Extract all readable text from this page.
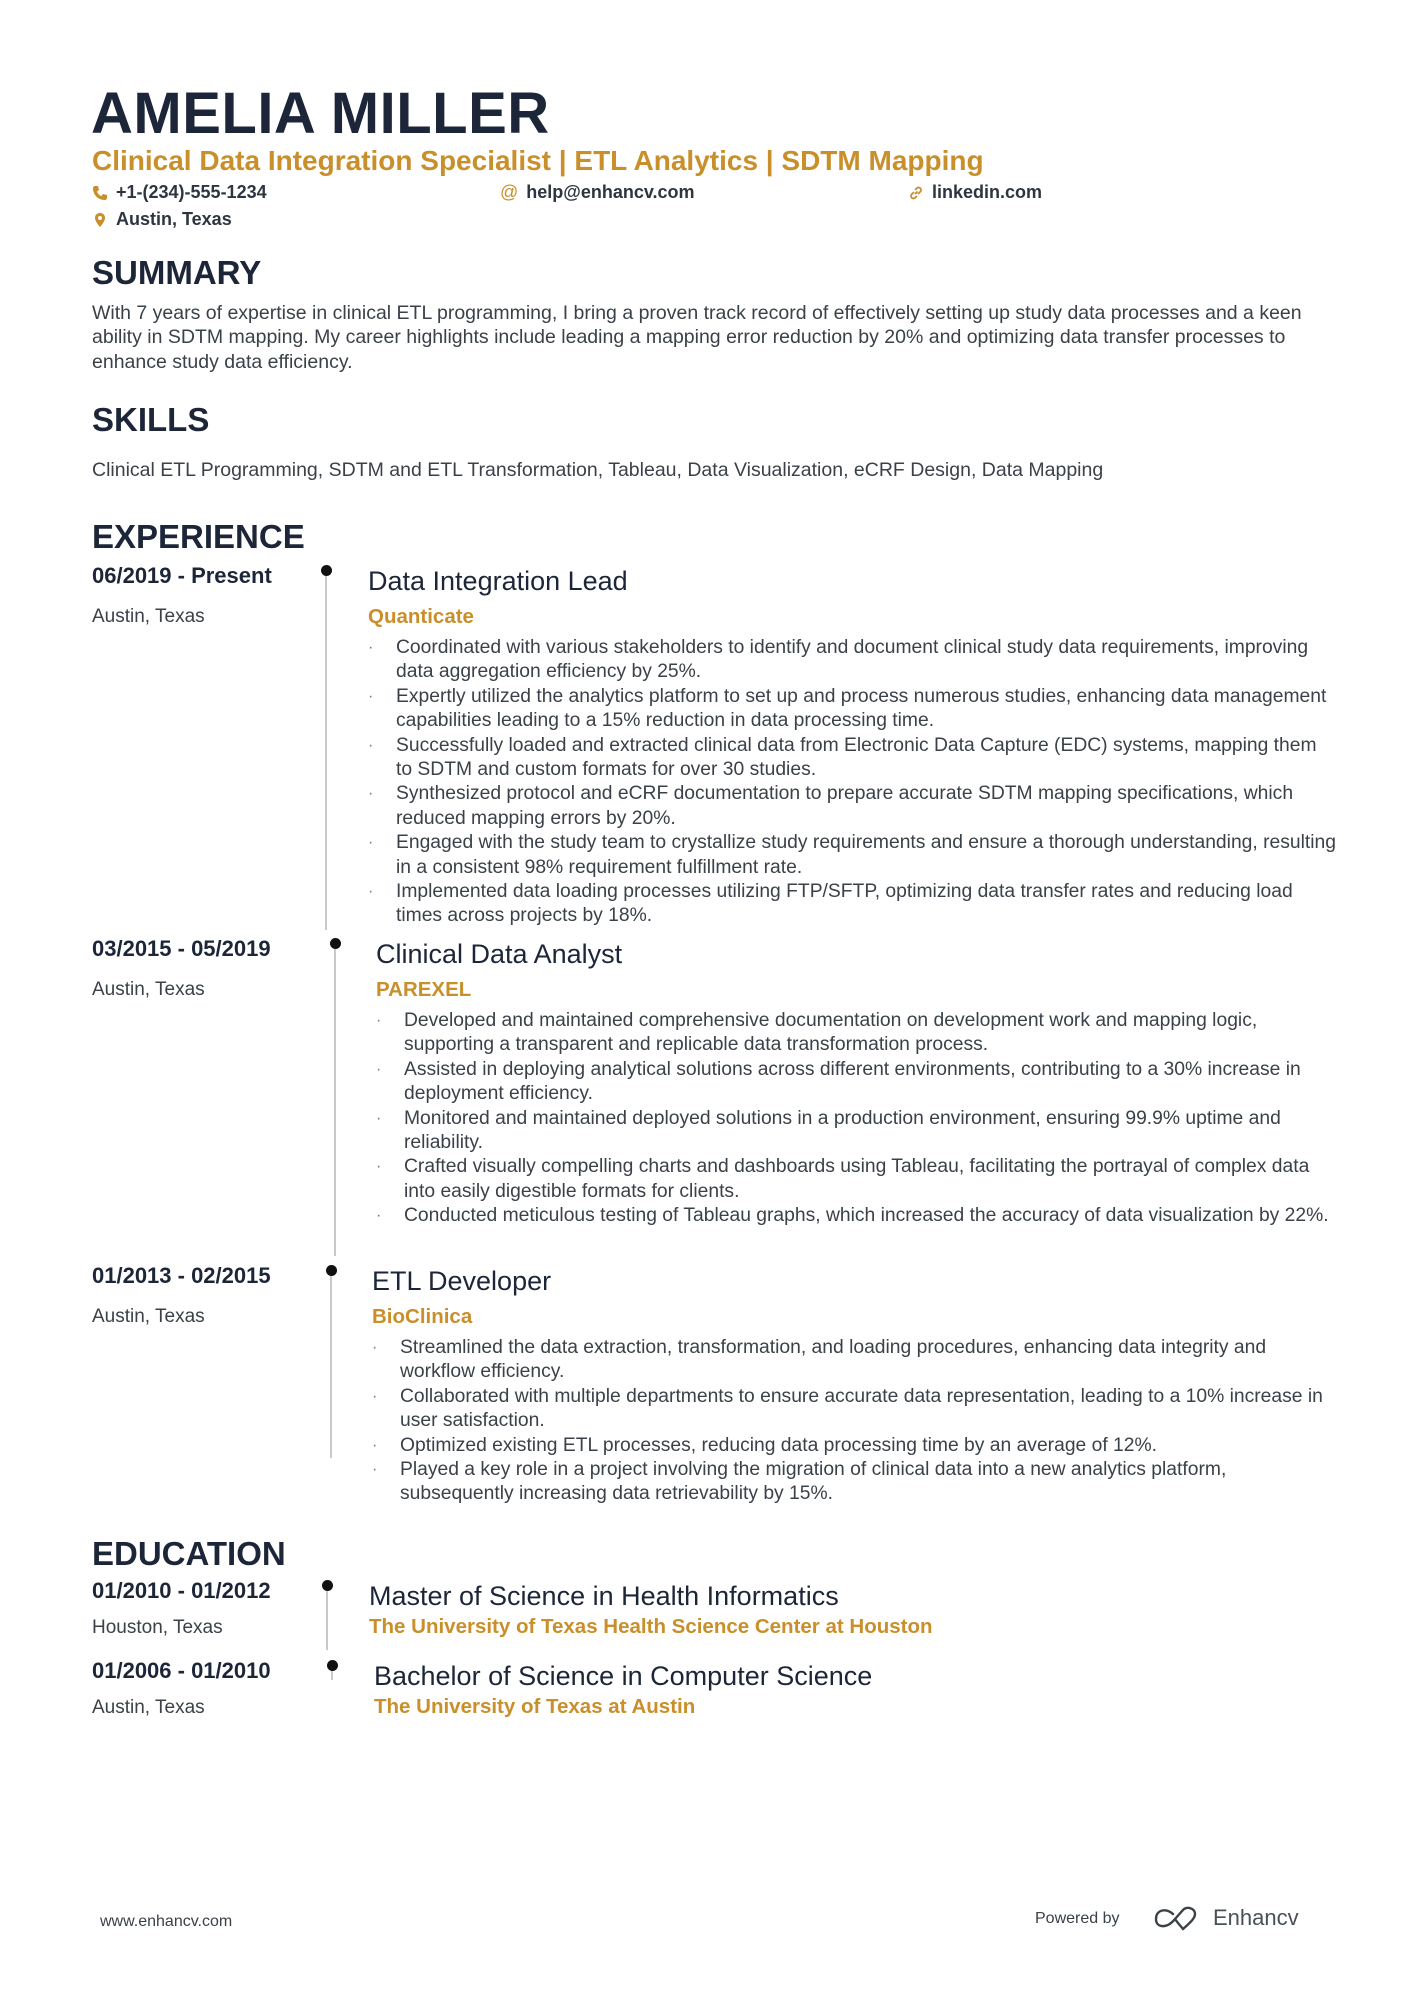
AMELIA MILLER
Clinical Data Integration Specialist | ETL Analytics | SDTM Mapping
+1-(234)-555-1234	@ help@enhancv.com	linkedin.com
Austin, Texas
SUMMARY
With 7 years of expertise in clinical ETL programming, I bring a proven track record of effectively setting up study data processes and a keen ability in SDTM mapping. My career highlights include leading a mapping error reduction by 20% and optimizing data transfer processes to enhance study data efficiency.
SKILLS
Clinical ETL Programming, SDTM and ETL Transformation, Tableau, Data Visualization, eCRF Design, Data Mapping
EXPERIENCE
06/2019 - Present
Austin, Texas
Data Integration Lead
Quanticate
· Coordinated with various stakeholders to identify and document clinical study data requirements, improving data aggregation efficiency by 25%.
· Expertly utilized the analytics platform to set up and process numerous studies, enhancing data management capabilities leading to a 15% reduction in data processing time.
· Successfully loaded and extracted clinical data from Electronic Data Capture (EDC) systems, mapping them to SDTM and custom formats for over 30 studies.
· Synthesized protocol and eCRF documentation to prepare accurate SDTM mapping specifications, which reduced mapping errors by 20%.
· Engaged with the study team to crystallize study requirements and ensure a thorough understanding, resulting in a consistent 98% requirement fulfillment rate.
· Implemented data loading processes utilizing FTP/SFTP, optimizing data transfer rates and reducing load times across projects by 18%.
03/2015 - 05/2019
Austin, Texas
Clinical Data Analyst
PAREXEL
· Developed and maintained comprehensive documentation on development work and mapping logic, supporting a transparent and replicable data transformation process.
· Assisted in deploying analytical solutions across different environments, contributing to a 30% increase in deployment efficiency.
· Monitored and maintained deployed solutions in a production environment, ensuring 99.9% uptime and reliability.
· Crafted visually compelling charts and dashboards using Tableau, facilitating the portrayal of complex data into easily digestible formats for clients.
· Conducted meticulous testing of Tableau graphs, which increased the accuracy of data visualization by 22%.
01/2013 - 02/2015
Austin, Texas
ETL Developer
BioClinica
· Streamlined the data extraction, transformation, and loading procedures, enhancing data integrity and workflow efficiency.
· Collaborated with multiple departments to ensure accurate data representation, leading to a 10% increase in user satisfaction.
· Optimized existing ETL processes, reducing data processing time by an average of 12%.
· Played a key role in a project involving the migration of clinical data into a new analytics platform, subsequently increasing data retrievability by 15%.
EDUCATION
01/2010 - 01/2012
Houston, Texas
Master of Science in Health Informatics
The University of Texas Health Science Center at Houston
01/2006 - 01/2010
Austin, Texas
Bachelor of Science in Computer Science
The University of Texas at Austin
www.enhancv.com	Powered by	Enhancv
